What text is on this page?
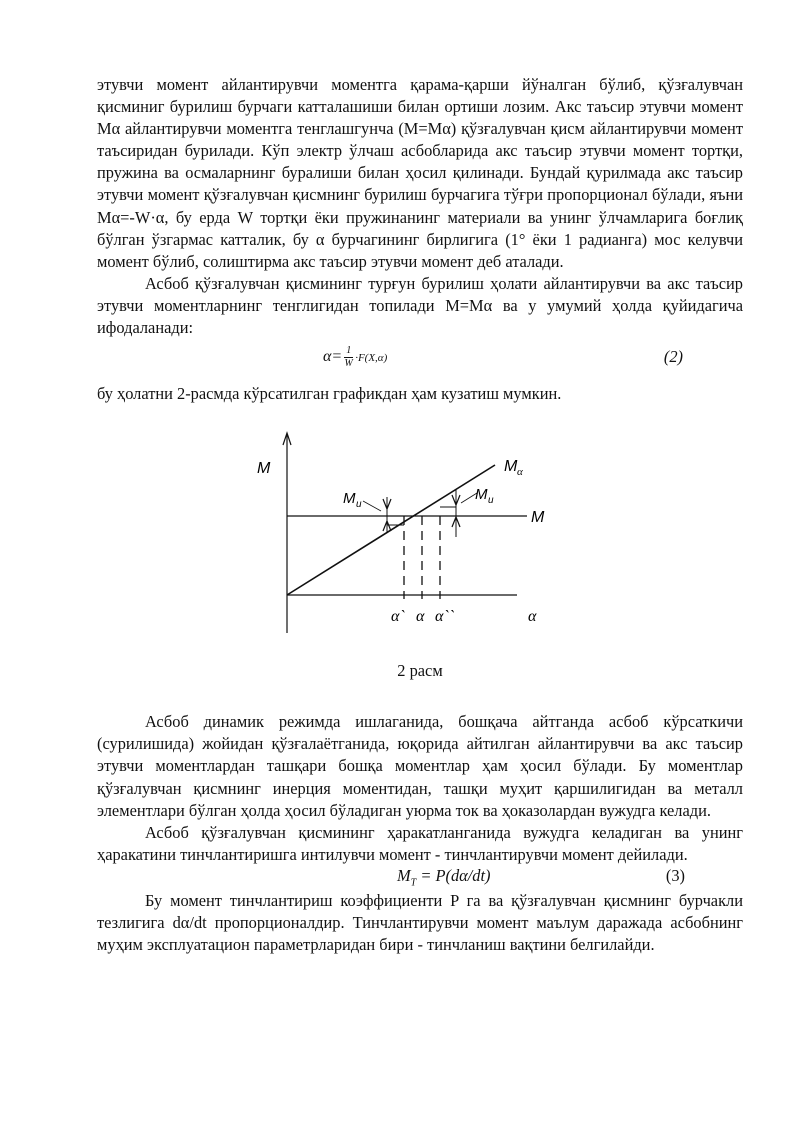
этувчи момент айлантирувчи моментга қарама-қарши йўналган бўлиб, қўзғалувчан қисминиг бурилиш бурчаги катталашиши билан ортиши лозим. Акс таъсир этувчи момент Mα айлантирувчи моментга тенглашгунча (M=Mα) қўзғалувчан қисм айлантирувчи момент таъсиридан бурилади. Кўп электр ўлчаш асбобларида акс таъсир этувчи момент тортқи, пружина ва осмаларнинг буралиши билан ҳосил қилинади. Бундай қурилмада акс таъсир этувчи момент қўзғалувчан қисмнинг бурилиш бурчагига тўғри пропорционал бўлади, яъни Mα=-W·α, бу ерда W тортқи ёки пружинанинг материали ва унинг ўлчамларига боғлиқ бўлган ўзгармас катталик, бу α бурчагининг бирлигига (1° ёки 1 радианга) мос келувчи момент бўлиб, солиштирма акс таъсир этувчи момент деб аталади.

Асбоб қўзғалувчан қисмининг турғун бурилиш ҳолати айлантирувчи ва акс таъсир этувчи моментларнинг тенглигидан топилади M=Mα ва у умумий ҳолда қуйидагича ифодаланади:

$\alpha= \frac{1}{W} \cdot F(X,\alpha)$	(2)

бу ҳолатни 2-расмда кўрсатилган графикдан ҳам кузатиш мумкин.

M	M α
M
M u
M u
α` α α``	α
2 расм

Асбоб динамик режимда ишлаганида, бошқача айтганда асбоб кўрсаткичи (сурилишида) жойидан қўзғалаётганида, юқорида айтилган айлантирувчи ва акс таъсир этувчи моментлардан ташқари бошқа моментлар ҳам ҳосил бўлади. Бу моментлар қўзғалувчан қисмнинг инерция моментидан, ташқи муҳит қаршилигидан ва металл элементлари бўлган ҳолда ҳосил бўладиган уюрма ток ва ҳоказолардан вужудга келади.

Асбоб қўзғалувчан қисмининг ҳаракатланганида вужудга келадиган ва унинг ҳаракатини тинчлантиришга интилувчи момент - тинчлантирувчи момент дейилади.

$M_T = P(d\alpha/dt)$	(3)

Бу момент тинчлантириш коэффициенти P га ва қўзғалувчан қисмнинг бурчакли тезлигига dα/dt пропорционалдир. Тинчлантирувчи момент маълум даражада асбобнинг муҳим эксплуатацион параметрларидан бири - тинчланиш вақтини белгилайди.
